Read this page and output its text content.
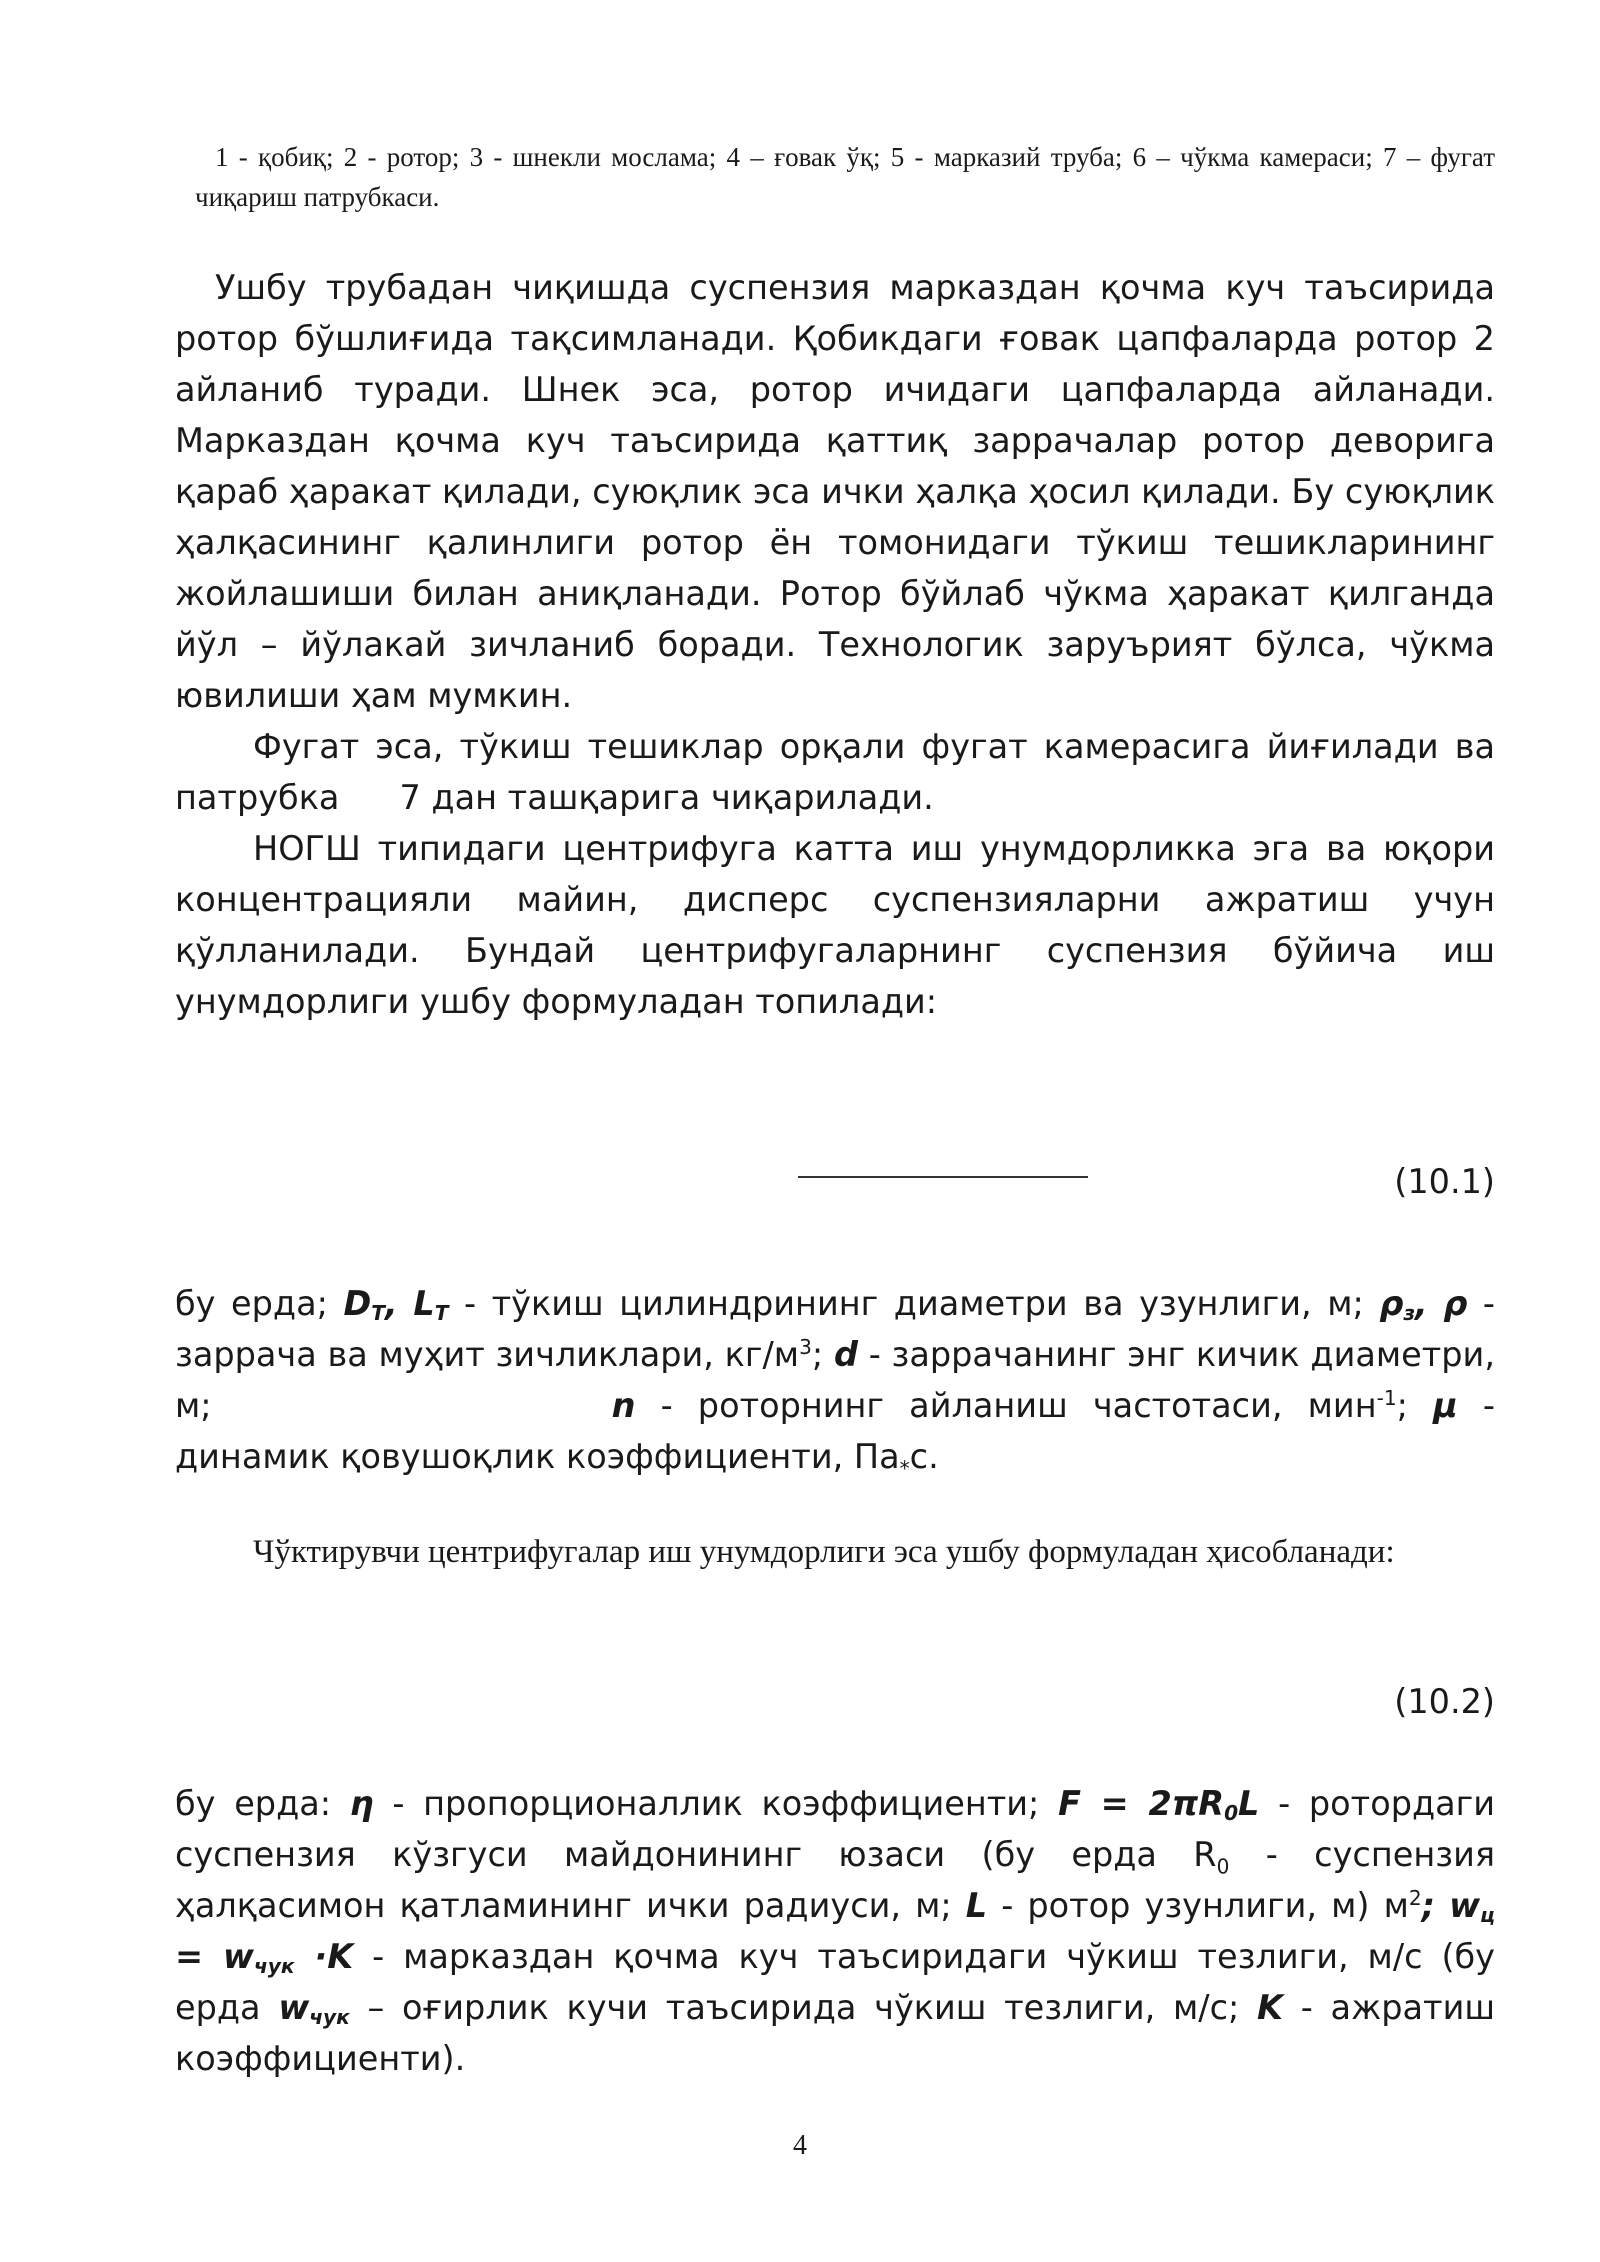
1 - қобиқ; 2 - ротор; 3 - шнекли мослама; 4 – ғовак ўқ; 5 - марказий труба; 6 – чўкма камераси; 7 – фугат чиқариш патрубкаси.

Ушбу трубадан чиқишда суспензия марказдан қочма куч таъсирида ротор бўшлиғида тақсимланади. Қобикдаги ғовак цапфаларда ротор 2 айланиб туради. Шнек эса, ротор ичидаги цапфаларда айланади. Марказдан қочма куч таъсирида қаттиқ заррачалар ротор деворига қараб ҳаракат қилади, суюқлик эса ички ҳалқа ҳосил қилади. Бу суюқлик ҳалқасининг қалинлиги ротор ён томонидаги тўкиш тешикларининг жойлашиши билан аниқланади. Ротор бўйлаб чўкма ҳаракат қилганда йўл – йўлакай зичланиб боради. Технологик заруърият бўлса, чўкма ювилиши ҳам мумкин.

Фугат эса, тўкиш тешиклар орқали фугат камерасига йиғилади ва патрубка 7 дан ташқарига чиқарилади.

НОГШ типидаги центрифуга катта иш унумдорликка эга ва юқори концентрацияли майин, дисперс суспензияларни ажратиш учун қўлланилади. Бундай центрифугаларнинг суспензия бўйича иш унумдорлиги ушбу формуладан топилади:

(10.1)

бу ерда; DT, LT - тўкиш цилиндрининг диаметри ва узунлиги, м; ρз, ρ - заррача ва муҳит зичликлари, $кг/м^3$; d - заррачанинг энг кичик диаметри, м;	n - роторнинг айланиш частотаси, мин$^{-1}$; μ - динамик қовушоқлик коэффициенти, $Па_*с$.

Чўктирувчи центрифугалар иш унумдорлиги эса ушбу формуладан ҳисобланади:
(10.2)

бу ерда: η - пропорционаллик коэффициенти; F = 2πR0L - ротордаги суспензия кўзгуси майдонининг юзаси (бу ерда $R_0$ - суспензия ҳалқасимон қатламининг ички радиуси, м; L - ротор узунлиги, м) $м^2$; wц = wчук ·K - марказдан қочма куч таъсиридаги чўкиш тезлиги, м/с (бу ерда wчук – оғирлик кучи таъсирида чўкиш тезлиги, м/с; K - ажратиш коэффициенти).

4
